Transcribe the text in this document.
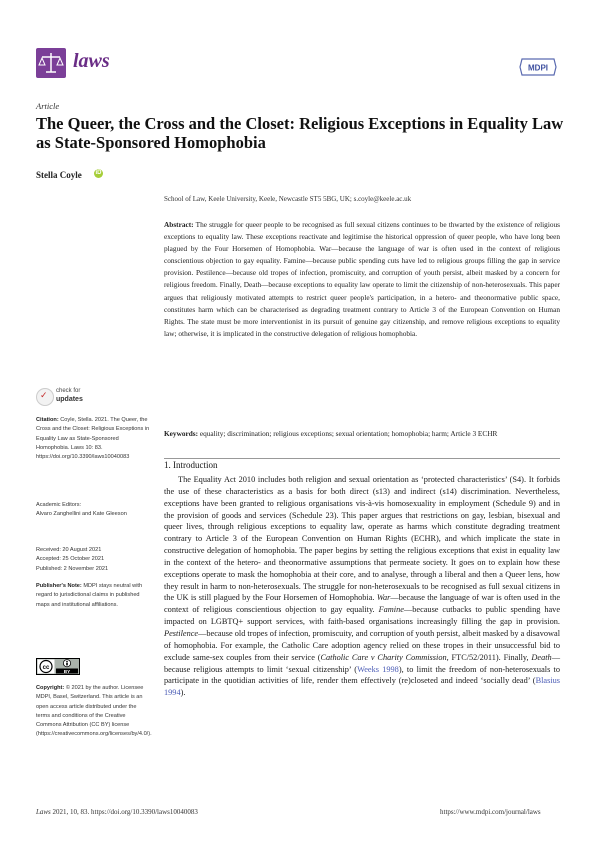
laws	MDPI
Article
The Queer, the Cross and the Closet: Religious Exceptions in Equality Law as State-Sponsored Homophobia
Stella Coyle iD
School of Law, Keele University, Keele, Newcastle ST5 5BG, UK; s.coyle@keele.ac.uk
Abstract: The struggle for queer people to be recognised as full sexual citizens continues to be thwarted by the existence of religious exceptions to equality law. These exceptions reactivate and legitimise the historical oppression of queer people, who have long been plagued by the Four Horsemen of Homophobia. War—because the language of war is often used in the context of religious conscientious objection to gay equality. Famine—because public spending cuts have led to religious groups filling the gap in service provision. Pestilence—because old tropes of infection, promiscuity, and corruption of youth persist, albeit masked by a concern for religious freedom. Finally, Death—because exceptions to equality law operate to limit the citizenship of non-heterosexuals. This paper argues that religiously motivated attempts to restrict queer people's participation, in a hetero- and theonormative public space, constitutes harm which can be characterised as degrading treatment contrary to Article 3 of the European Convention on Human Rights. The state must be more interventionist in its pursuit of genuine gay citizenship, and remove religious exceptions to equality law; otherwise, it is implicated in the constructive delegation of religious homophobia.
Keywords: equality; discrimination; religious exceptions; sexual orientation; homophobia; harm; Article 3 ECHR
1. Introduction
The Equality Act 2010 includes both religion and sexual orientation as ‘protected characteristics’ (S4). It forbids the use of these characteristics as a basis for both direct (s13) and indirect (s14) discrimination. Nevertheless, exceptions have been granted to religious organisations vis-à-vis homosexuality in employment (Schedule 9) and in the provision of goods and services (Schedule 23). This paper argues that restrictions on gay, lesbian, bisexual and queer lives, through religious exceptions to equality law, operate as harms which constitute degrading treatment contrary to Article 3 of the European Convention on Human Rights (ECHR), and which implicate the state in constructive delegation of homophobia. The paper begins by setting the religious exceptions that exist in equality law in the context of the hetero- and theonormative assumptions that permeate society. It goes on to explain how these exceptions operate to mask the homophobia at their core, and to analyse, through a liberal and then a Queer lens, how they result in harm to non-heterosexuals. The struggle for non-heterosexuals to be recognised as full sexual citizens in the UK is still plagued by the Four Horsemen of Homophobia. War—because the language of war is often used in the context of religious conscientious objection to gay equality. Famine—because cutbacks to public spending have impacted on LGBTQ+ support services, with faith-based organisations increasingly filling the gap in provision. Pestilence—because old tropes of infection, promiscuity, and corruption of youth persist, albeit masked by a disavowal of homophobia. For example, the Catholic Care adoption agency relied on these tropes in their unsuccessful bid to exclude same-sex couples from their service (Catholic Care v Charity Commission, FTC/52/2011). Finally, Death—because religious attempts to limit ‘sexual citizenship’ (Weeks 1998), to limit the freedom of non-heterosexuals to participate in the quotidian activities of life, render them effectively (re)closeted and indeed ‘socially dead’ (Blasius 1994).
✓ check for
updates
Citation: Coyle, Stella. 2021. The Queer, the Cross and the Closet: Religious Exceptions in Equality Law as State-Sponsored Homophobia. Laws 10: 83. https://doi.org/10.3390/laws10040083
Academic Editors:
Alvaro Zanghellini and Kate Gleeson
Received: 20 August 2021
Accepted: 25 October 2021
Published: 2 November 2021
Publisher's Note: MDPI stays neutral with regard to jurisdictional claims in published maps and institutional affiliations.
cc
BY
Copyright: © 2021 by the author. Licensee MDPI, Basel, Switzerland. This article is an open access article distributed under the terms and conditions of the Creative Commons Attribution (CC BY) license (https://creativecommons.org/licenses/by/4.0/).
Laws 2021, 10, 83. https://doi.org/10.3390/laws10040083	https://www.mdpi.com/journal/laws
